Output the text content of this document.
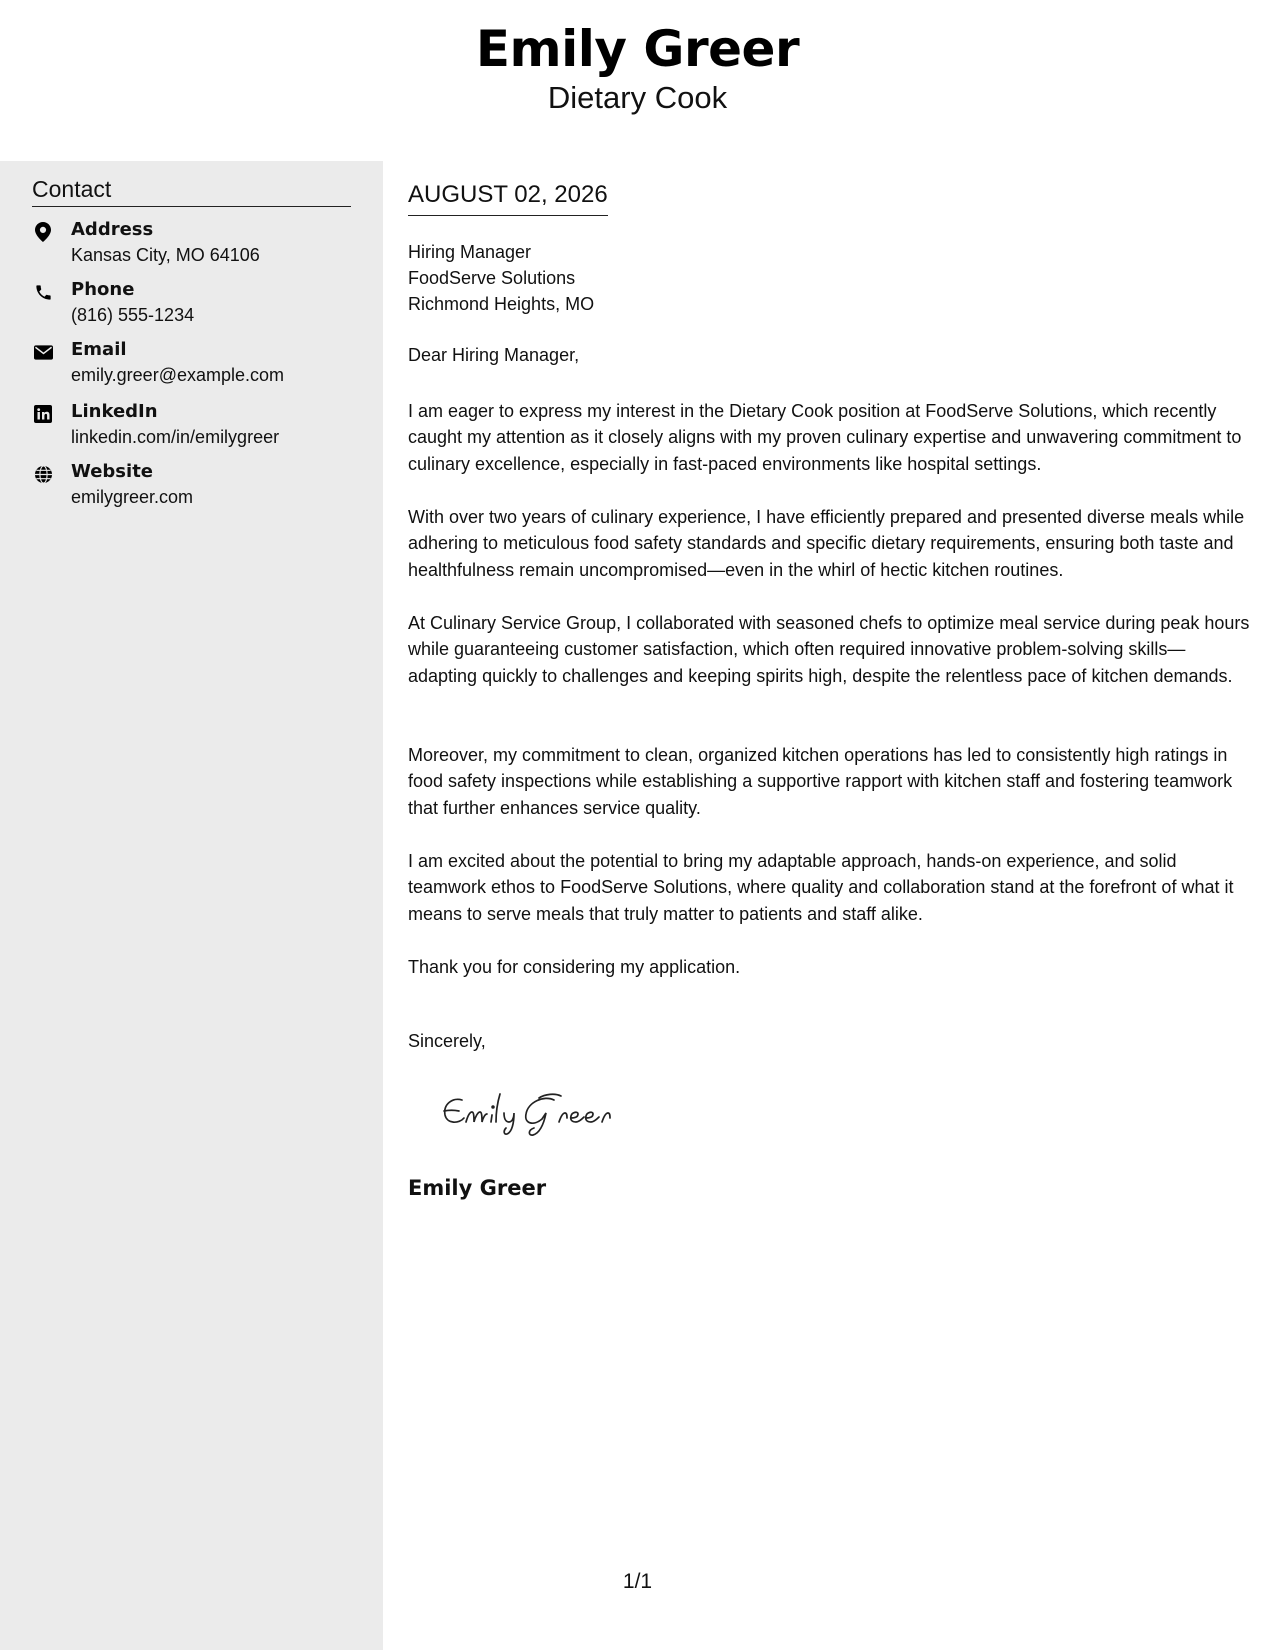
Emily Greer
Dietary Cook
Contact
Address
Kansas City, MO 64106
Phone
(816) 555-1234
Email
emily.greer@example.com
LinkedIn
linkedin.com/in/emilygreer
Website
emilygreer.com
AUGUST 02, 2026
Hiring Manager
FoodServe Solutions
Richmond Heights, MO
Dear Hiring Manager,

I am eager to express my interest in the Dietary Cook position at FoodServe Solutions, which recently caught my attention as it closely aligns with my proven culinary expertise and unwavering commitment to culinary excellence, especially in fast-paced environments like hospital settings.

With over two years of culinary experience, I have efficiently prepared and presented diverse meals while adhering to meticulous food safety standards and specific dietary requirements, ensuring both taste and healthfulness remain uncompromised—even in the whirl of hectic kitchen routines.

At Culinary Service Group, I collaborated with seasoned chefs to optimize meal service during peak hours while guaranteeing customer satisfaction, which often required innovative problem-solving skills—adapting quickly to challenges and keeping spirits high, despite the relentless pace of kitchen demands.

Moreover, my commitment to clean, organized kitchen operations has led to consistently high ratings in food safety inspections while establishing a supportive rapport with kitchen staff and fostering teamwork that further enhances service quality.

I am excited about the potential to bring my adaptable approach, hands-on experience, and solid teamwork ethos to FoodServe Solutions, where quality and collaboration stand at the forefront of what it means to serve meals that truly matter to patients and staff alike.

Thank you for considering my application.

Sincerely,
Emily Greer
1/1
